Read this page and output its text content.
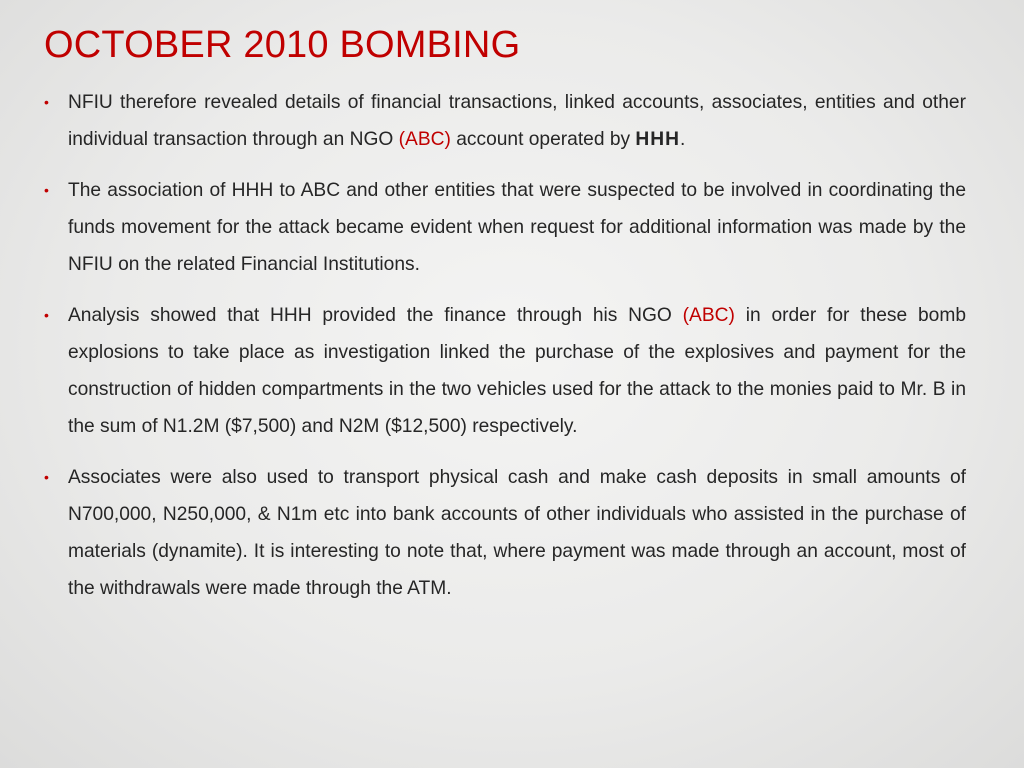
OCTOBER 2010 BOMBING
• NFIU therefore revealed details of financial transactions, linked accounts, associates, entities and other individual transaction through an NGO (ABC) account operated by HHH.
• The association of HHH to ABC and other entities that were suspected to be involved in coordinating the funds movement for the attack became evident when request for additional information was made by the NFIU on the related Financial Institutions.
• Analysis showed that HHH provided the finance through his NGO (ABC) in order for these bomb explosions to take place as investigation linked the purchase of the explosives and payment for the construction of hidden compartments in the two vehicles used for the attack to the monies paid to Mr. B in the sum of N1.2M ($7,500) and N2M ($12,500) respectively.
• Associates were also used to transport physical cash and make cash deposits in small amounts of N700,000, N250,000, & N1m etc into bank accounts of other individuals who assisted in the purchase of materials (dynamite). It is interesting to note that, where payment was made through an account, most of the withdrawals were made through the ATM.
